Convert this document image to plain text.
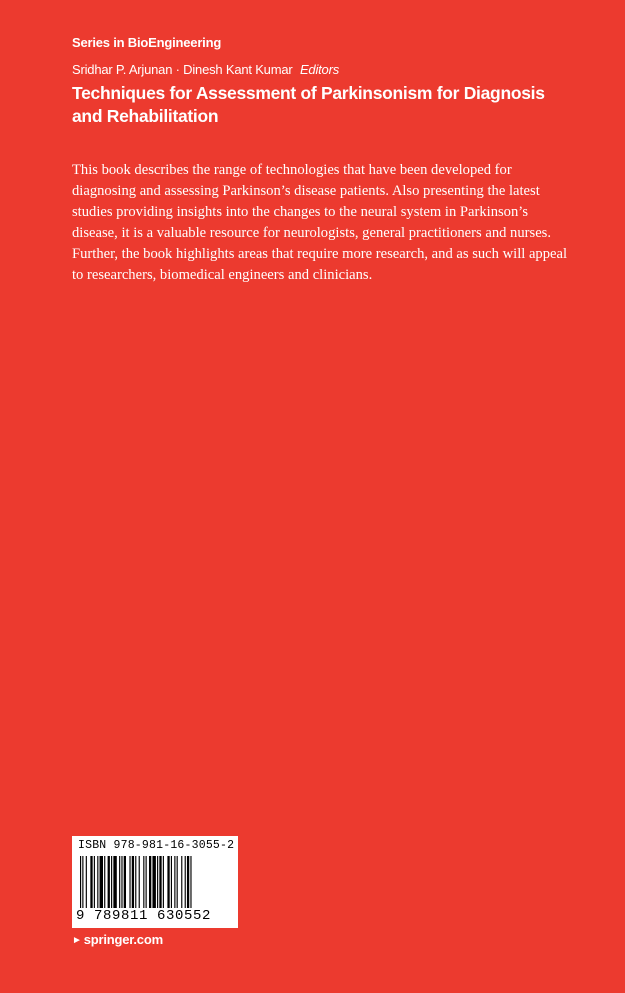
Series in BioEngineering
Sridhar P. Arjunan · Dinesh Kant Kumar Editors
Techniques for Assessment of Parkinsonism for Diagnosis and Rehabilitation
This book describes the range of technologies that have been developed for diagnosing and assessing Parkinson’s disease patients. Also presenting the latest studies providing insights into the changes to the neural system in Parkinson’s disease, it is a valuable resource for neurologists, general practitioners and nurses. Further, the book highlights areas that require more research, and as such will appeal to researchers, biomedical engineers and clinicians.
ISBN 978-981-16-3055-2
9 789811 630552
► springer.com
